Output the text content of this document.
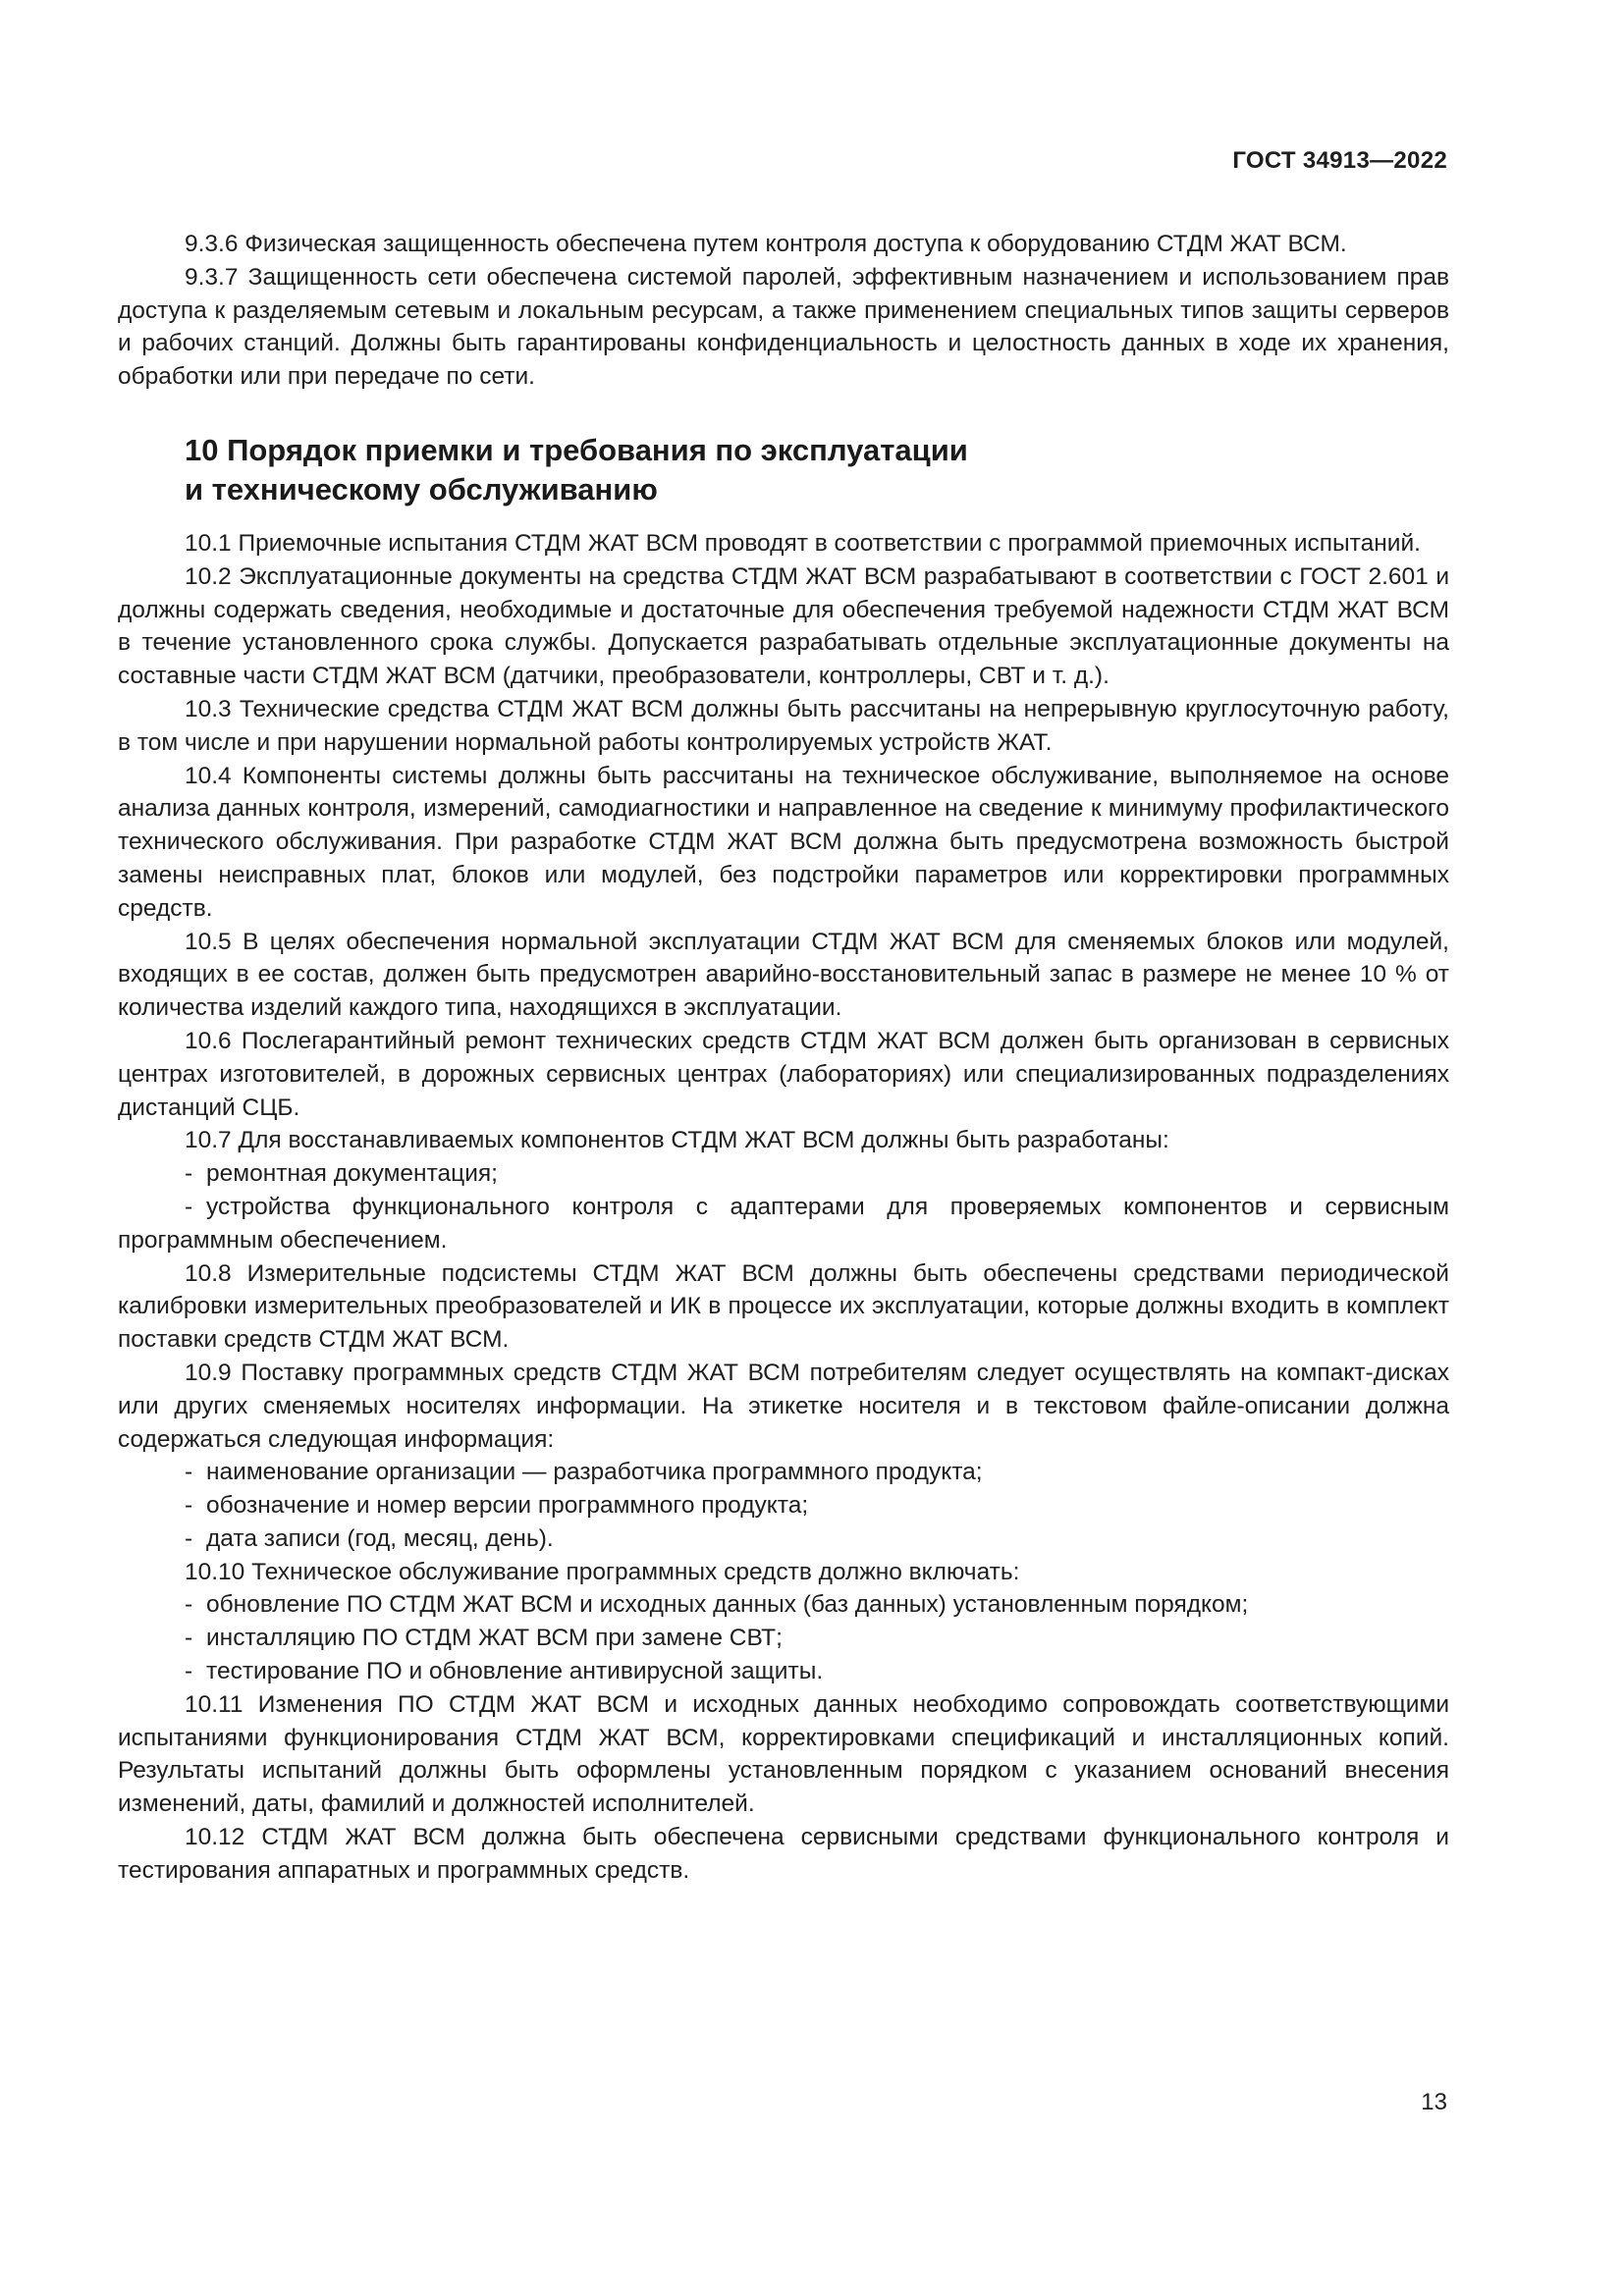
ГОСТ 34913—2022

9.3.6 Физическая защищенность обеспечена путем контроля доступа к оборудованию СТДМ ЖАТ ВСМ.

9.3.7 Защищенность сети обеспечена системой паролей, эффективным назначением и использованием прав доступа к разделяемым сетевым и локальным ресурсам, а также применением специальных типов защиты серверов и рабочих станций. Должны быть гарантированы конфиденциальность и целостность данных в ходе их хранения, обработки или при передаче по сети.

10 Порядок приемки и требования по эксплуатации
и техническому обслуживанию

10.1 Приемочные испытания СТДМ ЖАТ ВСМ проводят в соответствии с программой приемочных испытаний.

10.2 Эксплуатационные документы на средства СТДМ ЖАТ ВСМ разрабатывают в соответствии с ГОСТ 2.601 и должны содержать сведения, необходимые и достаточные для обеспечения требуемой надежности СТДМ ЖАТ ВСМ в течение установленного срока службы. Допускается разрабатывать отдельные эксплуатационные документы на составные части СТДМ ЖАТ ВСМ (датчики, преобразователи, контроллеры, СВТ и т. д.).

10.3 Технические средства СТДМ ЖАТ ВСМ должны быть рассчитаны на непрерывную круглосуточную работу, в том числе и при нарушении нормальной работы контролируемых устройств ЖАТ.

10.4 Компоненты системы должны быть рассчитаны на техническое обслуживание, выполняемое на основе анализа данных контроля, измерений, самодиагностики и направленное на сведение к минимуму профилактического технического обслуживания. При разработке СТДМ ЖАТ ВСМ должна быть предусмотрена возможность быстрой замены неисправных плат, блоков или модулей, без подстройки параметров или корректировки программных средств.

10.5 В целях обеспечения нормальной эксплуатации СТДМ ЖАТ ВСМ для сменяемых блоков или модулей, входящих в ее состав, должен быть предусмотрен аварийно-восстановительный запас в размере не менее 10 % от количества изделий каждого типа, находящихся в эксплуатации.

10.6 Послегарантийный ремонт технических средств СТДМ ЖАТ ВСМ должен быть организован в сервисных центрах изготовителей, в дорожных сервисных центрах (лабораториях) или специализированных подразделениях дистанций СЦБ.

10.7 Для восстанавливаемых компонентов СТДМ ЖАТ ВСМ должны быть разработаны:

- ремонтная документация;

- устройства функционального контроля с адаптерами для проверяемых компонентов и сервисным программным обеспечением.

10.8 Измерительные подсистемы СТДМ ЖАТ ВСМ должны быть обеспечены средствами периодической калибровки измерительных преобразователей и ИК в процессе их эксплуатации, которые должны входить в комплект поставки средств СТДМ ЖАТ ВСМ.

10.9 Поставку программных средств СТДМ ЖАТ ВСМ потребителям следует осуществлять на компакт-дисках или других сменяемых носителях информации. На этикетке носителя и в текстовом файле-описании должна содержаться следующая информация:

- наименование организации — разработчика программного продукта;

- обозначение и номер версии программного продукта;

- дата записи (год, месяц, день).

10.10 Техническое обслуживание программных средств должно включать:

- обновление ПО СТДМ ЖАТ ВСМ и исходных данных (баз данных) установленным порядком;

- инсталляцию ПО СТДМ ЖАТ ВСМ при замене СВТ;

- тестирование ПО и обновление антивирусной защиты.

10.11 Изменения ПО СТДМ ЖАТ ВСМ и исходных данных необходимо сопровождать соответствующими испытаниями функционирования СТДМ ЖАТ ВСМ, корректировками спецификаций и инсталляционных копий. Результаты испытаний должны быть оформлены установленным порядком с указанием оснований внесения изменений, даты, фамилий и должностей исполнителей.

10.12 СТДМ ЖАТ ВСМ должна быть обеспечена сервисными средствами функционального контроля и тестирования аппаратных и программных средств.

13
